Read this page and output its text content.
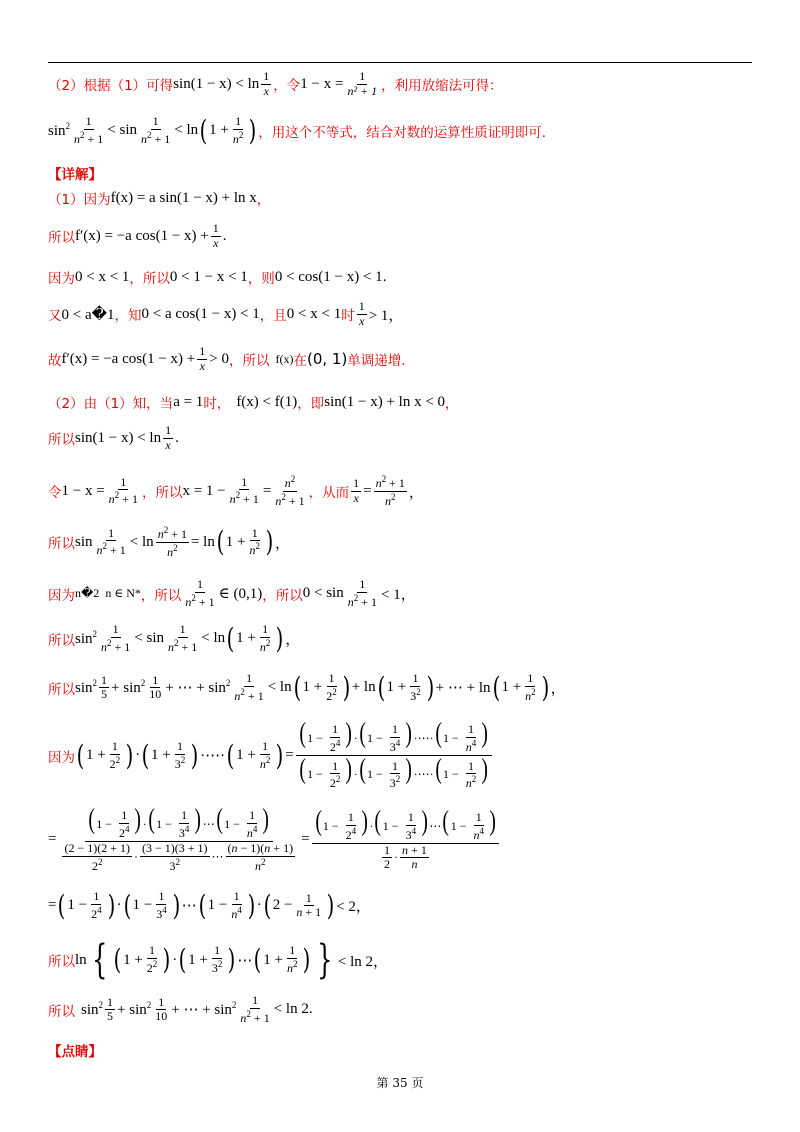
（2）根据（1）可得 $\sin(1 - x) < \ln \frac{1}{x}$ ，令 $1 - x = \frac{1}{\text{n² + 1}}$ ，利用放缩法可得：
$\sin^2 \frac{1}{n^2 + 1} < \sin \frac{1}{n^2 + 1} < \ln$ ( $1 + \frac{1}{n^2}$ ) ，用这个不等式，结合对数的运算性质证明即可.
【详解】
（1）因为 f(x) = a sin(1 − x) + ln x ，
所以 f′(x) = −a $\cos(1 - x) + \frac{1}{x}$ .
因为 0 < x < 1 ，所以 0 < 1 − x < 1 ，则 0 < cos(1 − x) < 1 .
又 0 < a�1 ，知 0 < a cos(1 − x) < 1 ，且 0 < x < 1 时 $\frac{1}{x} > 1$，
故 f′(x) = −a $\cos(1 - x) + \frac{1}{x} > 0$ ，所以 f(x) 在 (0, 1) 单调递增.
（2）由（1）知，当 a = 1 时， f(x) < f(1) ，即 sin(1 − x) + ln x < 0 ，
所以 $\sin(1 - x) < \ln \frac{1}{x}$ .
令 $1 - x = \frac{1}{n^2 + 1}$ ，所以 $x = 1 - \frac{1}{n^2 + 1} = \frac{n^2}{n^2 + 1}$ ，从而 $\frac{1}{x} = \frac{n^2 + 1}{n^2}$ ，
所以 $\sin \frac{1}{n^2 + 1} < \ln \frac{n^2 + 1}{n^2} = \ln$ ( $1 + \frac{1}{n^2}$ ) ，
因为 n�2 n ∈ N* ，所以 $\frac{1}{n^2 + 1}$ ∈ (0,1) ，所以 $0 < \sin \frac{1}{n^2 + 1} < 1$，
所以 $\sin^2 \frac{1}{n^2 + 1} < \sin \frac{1}{n^2 + 1} < \ln$ ( $1 + \frac{1}{n^2}$ ) ，
所以 $\sin^2 \frac{1}{5} + \sin^2 \frac{1}{10}$ + ⋯ + $\sin^2 \frac{1}{n^2 + 1} < \ln$ ( $1 + \frac{1}{2^2}$ ) + ln ( $1 + \frac{1}{3^2}$ ) + ⋯ + ln ( $1 + \frac{1}{n^2}$ ) ，
因为 ( $1 + \frac{1}{2^2}$ ) · ( $1 + \frac{1}{3^2}$ ) ·⋯· ( $1 + \frac{1}{n^2}$ ) = $\frac{(1 - \frac{1}{2^4} )\cdot(1 - \frac{1}{3^4} )\cdot\cdots\cdot(1 - \frac{1}{n^4} )}{(1 - \frac{1}{2^2} )\cdot(1 - \frac{1}{3^2} )\cdot\cdots\cdot(1 - \frac{1}{n^2} )}$
= $\frac{(1 - \frac{1}{2^4} )\cdot(1 - \frac{1}{3^4} )\cdots(1 - \frac{1}{n^4} )}{\frac{(2 - 1)(2 + 1)}{2^2} \cdot \frac{(3 - 1)(3 + 1)}{3^2} \cdots \frac{(n - 1)(n + 1)}{n^2}} = \frac{(1 - \frac{1}{2^4} )\cdot(1 - \frac{1}{3^4} )\cdots(1 - \frac{1}{n^4} )}{\frac{1}{2} \cdot \frac{n + 1}{n}}$
= ( $1 - \frac{1}{2^4}$ ) · ( $1 - \frac{1}{3^4}$ ) ⋯ ( $1 - \frac{1}{n^4}$ ) · ( $2 - \frac{1}{n + 1}$ ) < 2，
所以 ln { ( $1 + \frac{1}{2^2}$ ) · ( $1 + \frac{1}{3^2}$ ) ⋯ ( $1 + \frac{1}{n^2}$ ) } < ln 2，
所以 $\sin^2 \frac{1}{5} + \sin^2 \frac{1}{10}$ + ⋯ + $\sin^2 \frac{1}{n^2 + 1} < \ln 2$.
【点睛】
第 35 页
